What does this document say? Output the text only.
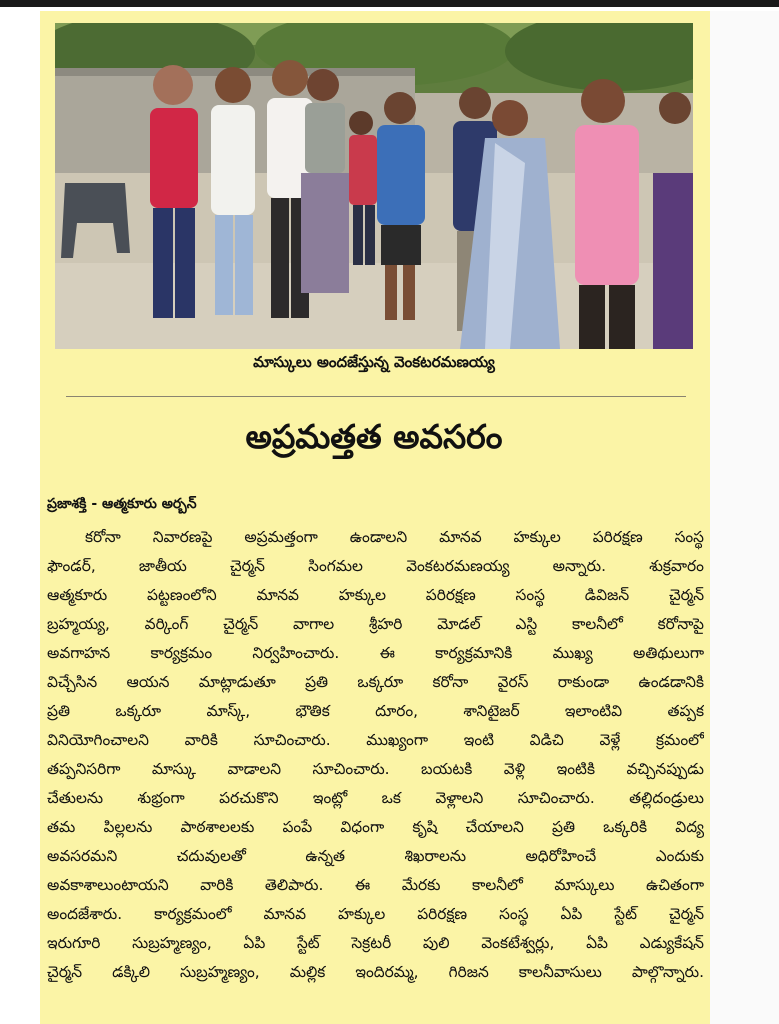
మాస్కులు అందజేస్తున్న వెంకటరమణయ్య
అప్రమత్తత అవసరం
ప్రజాశక్తి - ఆత్మకూరు అర్బన్
కరోనా నివారణపై అప్రమత్తంగా ఉండాలని మానవ హక్కుల పరిరక్షణ సంస్థ
ఫౌండర్, జాతీయ చైర్మన్ సింగమల వెంకటరమణయ్య అన్నారు. శుక్రవారం
ఆత్మకూరు పట్టణంలోని మానవ హక్కుల పరిరక్షణ సంస్థ డివిజన్ చైర్మన్
బ్రహ్మయ్య, వర్కింగ్ చైర్మన్ వాగాల శ్రీహరి మోడల్ ఎస్టి కాలనీలో కరోనాపై
అవగాహన కార్యక్రమం నిర్వహించారు. ఈ కార్యక్రమానికి ముఖ్య అతిథులుగా
విచ్చేసిన ఆయన మాట్లాడుతూ ప్రతి ఒక్కరూ కరోనా వైరస్ రాకుండా ఉండడానికి
ప్రతి ఒక్కరూ మాస్క్, భౌతిక దూరం, శానిటైజర్ ఇలాంటివి తప్పక
వినియోగించాలని వారికి సూచించారు. ముఖ్యంగా ఇంటి విడిచి వెళ్లే క్రమంలో
తప్పనిసరిగా మాస్కు వాడాలని సూచించారు. బయటకి వెళ్లి ఇంటికి వచ్చినప్పుడు
చేతులను శుభ్రంగా పరచుకొని ఇంట్లో ఒక వెళ్లాలని సూచించారు. తల్లిదండ్రులు
తమ పిల్లలను పాఠశాలలకు పంపే విధంగా కృషి చేయాలని ప్రతి ఒక్కరికి విద్య
అవసరమని చదువులతో ఉన్నత శిఖరాలను అధిరోహించే ఎందుకు
అవకాశాలుంటాయని వారికి తెలిపారు. ఈ మేరకు కాలనీలో మాస్కులు ఉచితంగా
అందజేశారు. కార్యక్రమంలో మానవ హక్కుల పరిరక్షణ సంస్థ ఏపి స్టేట్ చైర్మన్
ఇరుగూరి సుబ్రహ్మణ్యం, ఏపి స్టేట్ సెక్రటరీ పులి వెంకటేశ్వర్లు, ఏపి ఎడ్యుకేషన్
చైర్మన్ డక్కిలి సుబ్రహ్మణ్యం, మల్లిక ఇందిరమ్మ, గిరిజన కాలనీవాసులు పాల్గొన్నారు.
